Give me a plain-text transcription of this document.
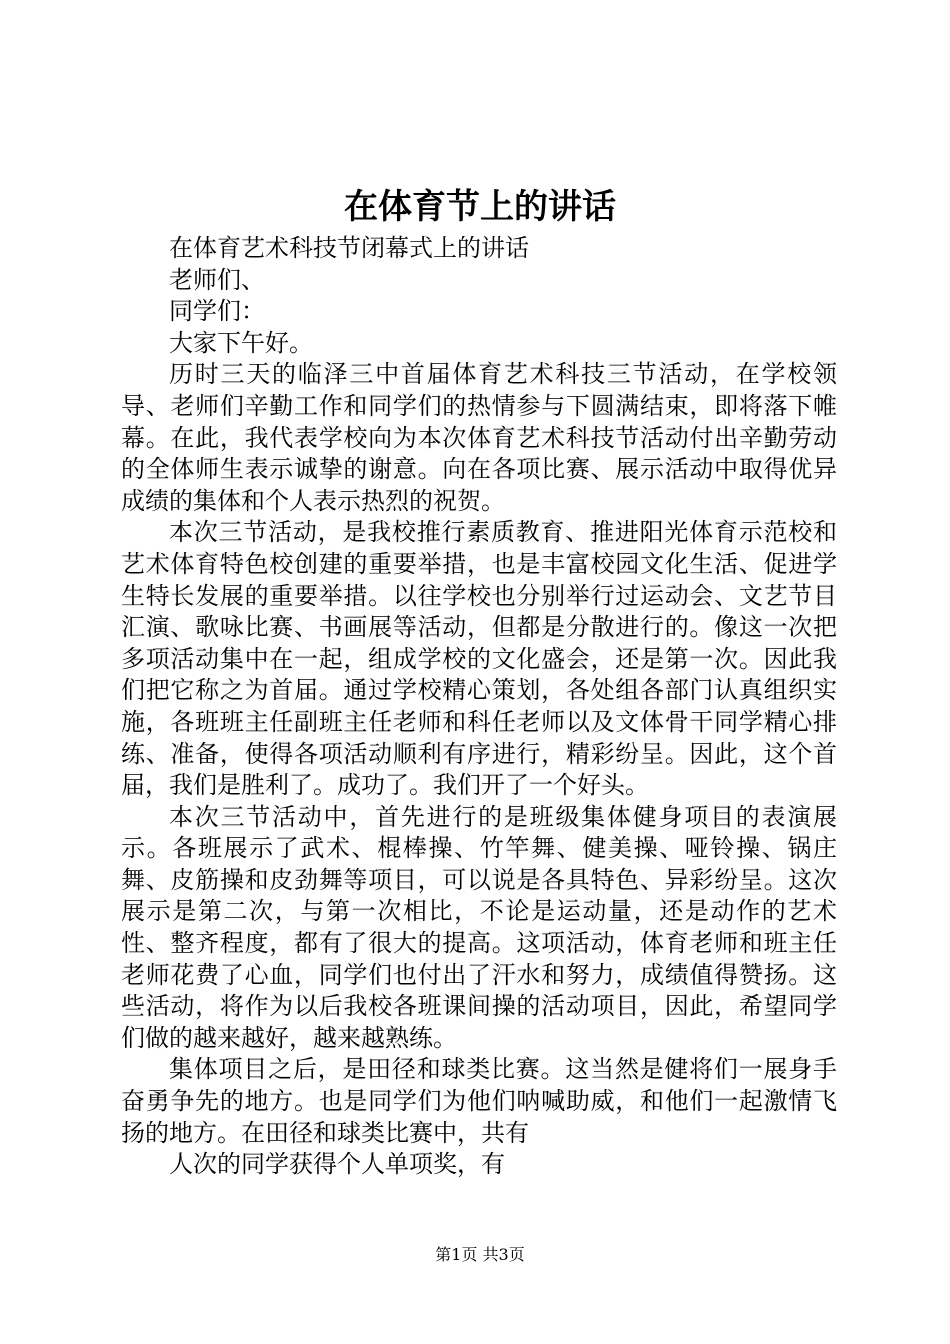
在体育节上的讲话

在体育艺术科技节闭幕式上的讲话

老师们、

同学们：

大家下午好。

历时三天的临泽三中首届体育艺术科技三节活动，在学校领导、老师们辛勤工作和同学们的热情参与下圆满结束，即将落下帷幕。在此，我代表学校向为本次体育艺术科技节活动付出辛勤劳动的全体师生表示诚挚的谢意。向在各项比赛、展示活动中取得优异成绩的集体和个人表示热烈的祝贺。

本次三节活动，是我校推行素质教育、推进阳光体育示范校和艺术体育特色校创建的重要举措，也是丰富校园文化生活、促进学生特长发展的重要举措。以往学校也分别举行过运动会、文艺节目汇演、歌咏比赛、书画展等活动，但都是分散进行的。像这一次把多项活动集中在一起，组成学校的文化盛会，还是第一次。因此我们把它称之为首届。通过学校精心策划，各处组各部门认真组织实施，各班班主任副班主任老师和科任老师以及文体骨干同学精心排练、准备，使得各项活动顺利有序进行，精彩纷呈。因此，这个首届，我们是胜利了。成功了。我们开了一个好头。

本次三节活动中，首先进行的是班级集体健身项目的表演展示。各班展示了武术、棍棒操、竹竿舞、健美操、哑铃操、锅庄舞、皮筋操和皮劲舞等项目，可以说是各具特色、异彩纷呈。这次展示是第二次，与第一次相比，不论是运动量，还是动作的艺术性、整齐程度，都有了很大的提高。这项活动，体育老师和班主任老师花费了心血，同学们也付出了汗水和努力，成绩值得赞扬。这些活动，将作为以后我校各班课间操的活动项目，因此，希望同学们做的越来越好，越来越熟练。

集体项目之后，是田径和球类比赛。这当然是健将们一展身手奋勇争先的地方。也是同学们为他们呐喊助威，和他们一起激情飞扬的地方。在田径和球类比赛中，共有

人次的同学获得个人单项奖，有

第1页 共3页
